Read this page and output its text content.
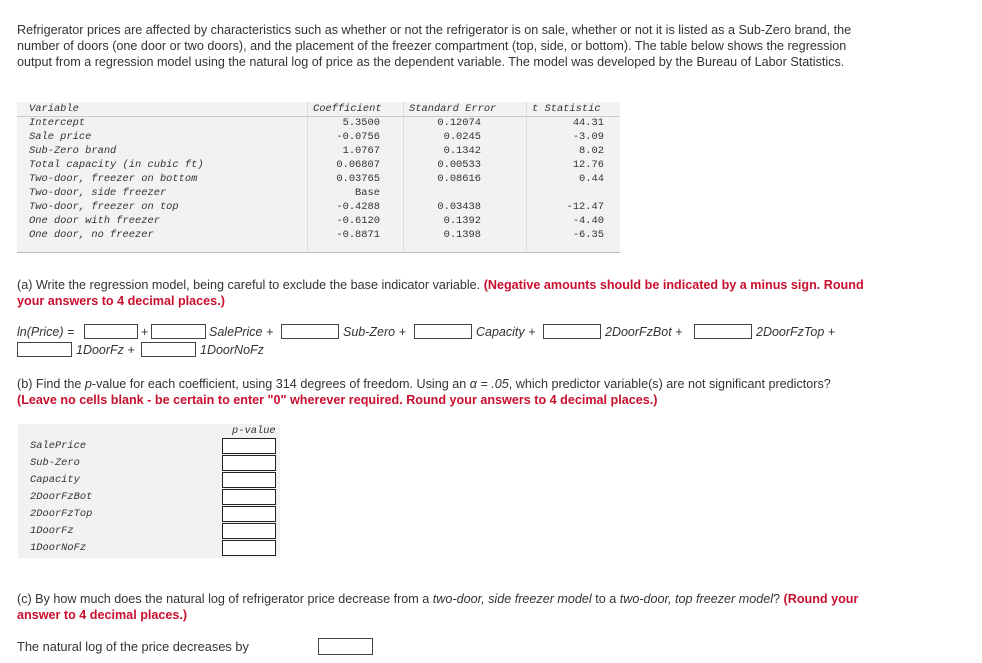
Refrigerator prices are affected by characteristics such as whether or not the refrigerator is on sale, whether or not it is listed as a Sub-Zero brand, the number of doors (one door or two doors), and the placement of the freezer compartment (top, side, or bottom). The table below shows the regression output from a regression model using the natural log of price as the dependent variable. The model was developed by the Bureau of Labor Statistics.
Variable	Coefficient	Standard Error	t Statistic
Intercept	5.3500	0.12074	44.31
Sale price	-0.0756	0.0245	-3.09
Sub-Zero brand	1.0767	0.1342	8.02
Total capacity (in cubic ft)	0.06807	0.00533	12.76
Two-door, freezer on bottom	0.03765	0.08616	0.44
Two-door, side freezer	Base
Two-door, freezer on top	-0.4288	0.03438	-12.47
One door with freezer	-0.6120	0.1392	-4.40
One door, no freezer	-0.8871	0.1398	-6.35
(a) Write the regression model, being careful to exclude the base indicator variable. (Negative amounts should be indicated by a minus sign. Round your answers to 4 decimal places.)
ln(Price) =	+	SalePrice +	Sub-Zero +	Capacity +	2DoorFzBot +	2DoorFzTop +
1DoorFz +	1DoorNoFz
(b) Find the p-value for each coefficient, using 314 degrees of freedom. Using an α = .05, which predictor variable(s) are not significant predictors? (Leave no cells blank - be certain to enter "0" wherever required. Round your answers to 4 decimal places.)
p-value
SalePrice
Sub-Zero
Capacity
2DoorFzBot
2DoorFzTop
1DoorFz
1DoorNoFz
(c) By how much does the natural log of refrigerator price decrease from a two-door, side freezer model to a two-door, top freezer model? (Round your answer to 4 decimal places.)
The natural log of the price decreases by
